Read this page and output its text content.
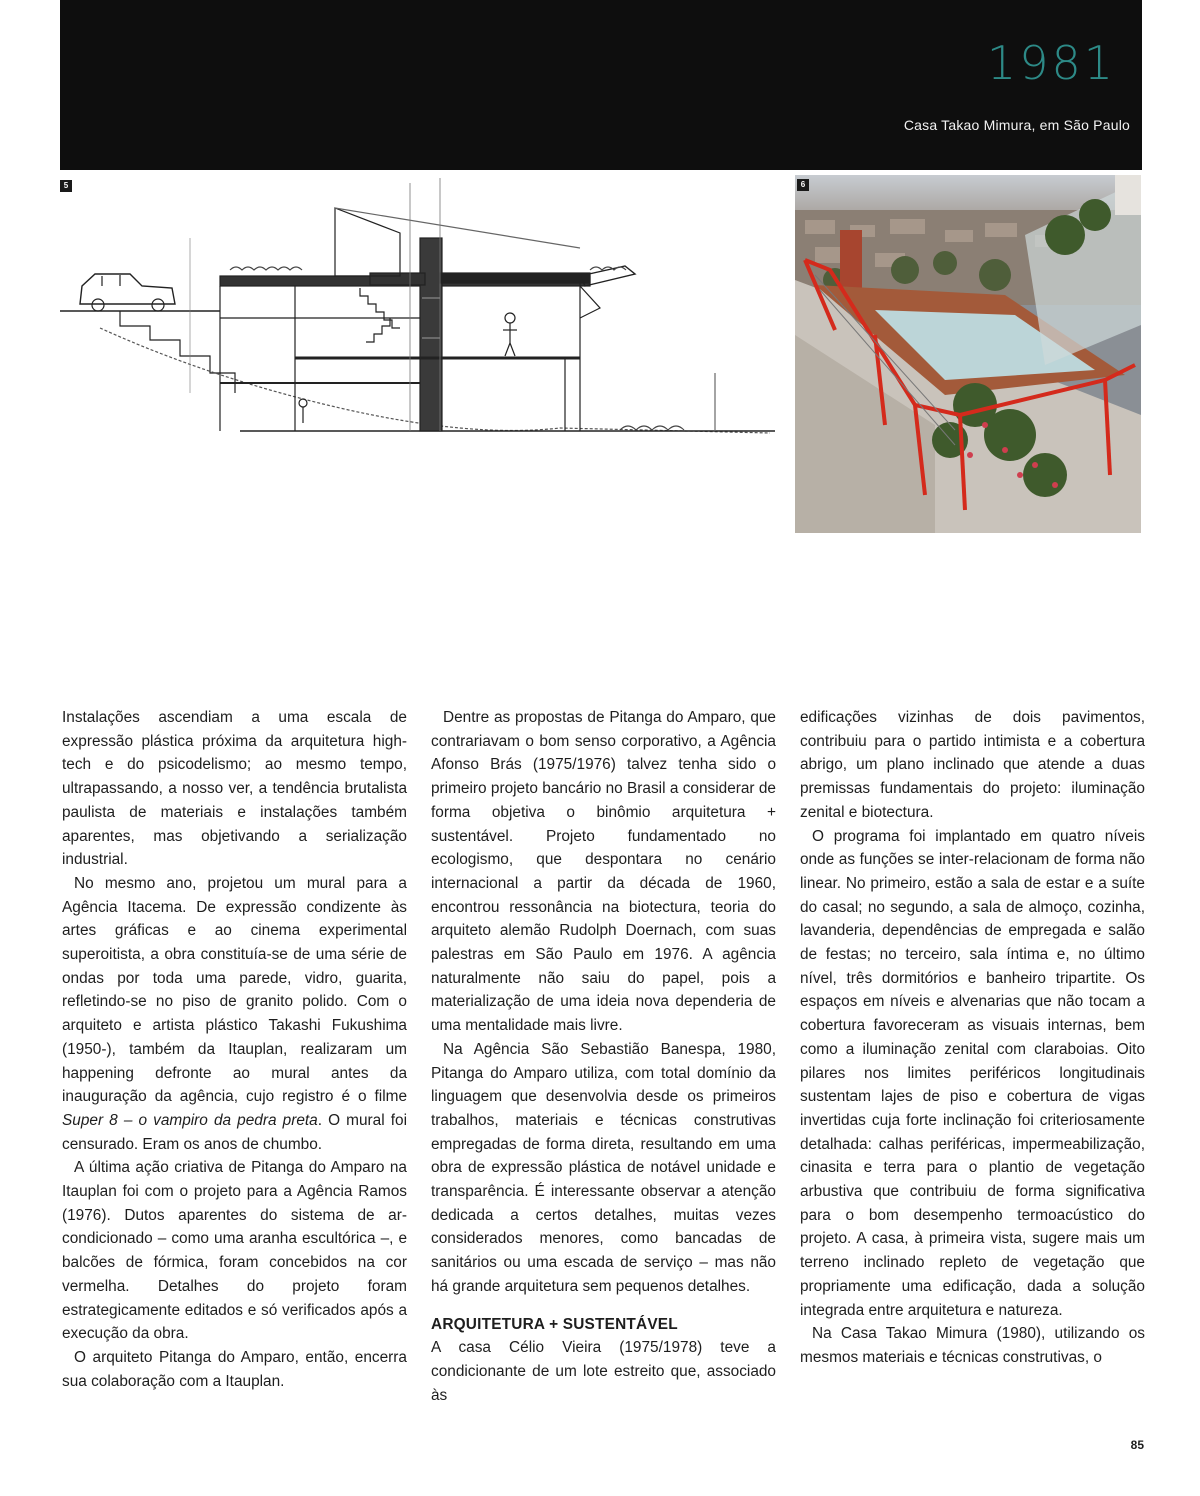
1981
Casa Takao Mimura, em São Paulo
5	6

Instalações ascendiam a uma escala de expressão plástica próxima da arquitetura high-tech e do psicodelismo; ao mesmo tempo, ultrapassando, a nosso ver, a tendência brutalista paulista de materiais e instalações também aparentes, mas objetivando a serialização industrial.

No mesmo ano, projetou um mural para a Agência Itacema. De expressão condizente às artes gráficas e ao cinema experimental superoitista, a obra constituía-se de uma série de ondas por toda uma parede, vidro, guarita, refletindo-se no piso de granito polido. Com o arquiteto e artista plástico Takashi Fukushima (1950-), também da Itauplan, realizaram um happening defronte ao mural antes da inauguração da agência, cujo registro é o filme Super 8 – o vampiro da pedra preta. O mural foi censurado. Eram os anos de chumbo.

A última ação criativa de Pitanga do Amparo na Itauplan foi com o projeto para a Agência Ramos (1976). Dutos aparentes do sistema de ar-condicionado – como uma aranha escultórica –, e balcões de fórmica, foram concebidos na cor vermelha. Detalhes do projeto foram estrategicamente editados e só verificados após a execução da obra.

O arquiteto Pitanga do Amparo, então, encerra sua colaboração com a Itauplan.

Dentre as propostas de Pitanga do Amparo, que contrariavam o bom senso corporativo, a Agência Afonso Brás (1975/1976) talvez tenha sido o primeiro projeto bancário no Brasil a considerar de forma objetiva o binômio arquitetura + sustentável. Projeto fundamentado no ecologismo, que despontara no cenário internacional a partir da década de 1960, encontrou ressonância na biotectura, teoria do arquiteto alemão Rudolph Doernach, com suas palestras em São Paulo em 1976. A agência naturalmente não saiu do papel, pois a materialização de uma ideia nova dependeria de uma mentalidade mais livre.

Na Agência São Sebastião Banespa, 1980, Pitanga do Amparo utiliza, com total domínio da linguagem que desenvolvia desde os primeiros trabalhos, materiais e técnicas construtivas empregadas de forma direta, resultando em uma obra de expressão plástica de notável unidade e transparência. É interessante observar a atenção dedicada a certos detalhes, muitas vezes considerados menores, como bancadas de sanitários ou uma escada de serviço – mas não há grande arquitetura sem pequenos detalhes.

ARQUITETURA + SUSTENTÁVEL

A casa Célio Vieira (1975/1978) teve a condicionante de um lote estreito que, associado às

edificações vizinhas de dois pavimentos, contribuiu para o partido intimista e a cobertura abrigo, um plano inclinado que atende a duas premissas fundamentais do projeto: iluminação zenital e biotectura.

O programa foi implantado em quatro níveis onde as funções se inter-relacionam de forma não linear. No primeiro, estão a sala de estar e a suíte do casal; no segundo, a sala de almoço, cozinha, lavanderia, dependências de empregada e salão de festas; no terceiro, sala íntima e, no último nível, três dormitórios e banheiro tripartite. Os espaços em níveis e alvenarias que não tocam a cobertura favoreceram as visuais internas, bem como a iluminação zenital com claraboias. Oito pilares nos limites periféricos longitudinais sustentam lajes de piso e cobertura de vigas invertidas cuja forte inclinação foi criteriosamente detalhada: calhas periféricas, impermeabilização, cinasita e terra para o plantio de vegetação arbustiva que contribuiu de forma significativa para o bom desempenho termoacústico do projeto. A casa, à primeira vista, sugere mais um terreno inclinado repleto de vegetação que propriamente uma edificação, dada a solução integrada entre arquitetura e natureza.

Na Casa Takao Mimura (1980), utilizando os mesmos materiais e técnicas construtivas, o

85
